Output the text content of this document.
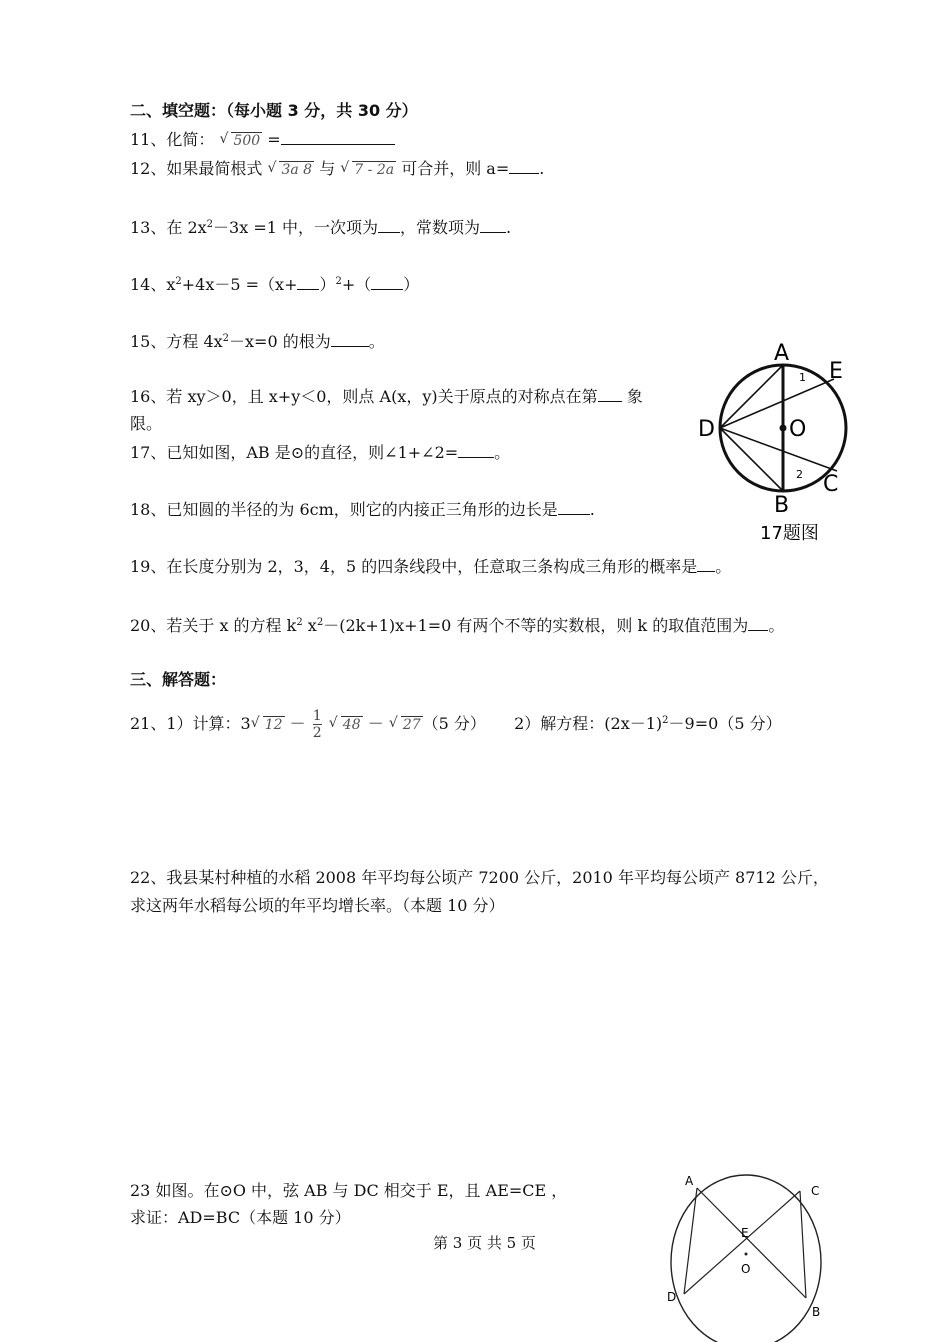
二、填空题：（每小题 3 分，共 30 分）
11、化简： √ 500 =
12、如果最简根式 √ 3a 8 与 √ 7 - 2a 可合并，则 a= .
13、在 $2x^2-3x =1$ 中，一次项为 ，常数项为 .
14、$x^2+4x-5 =(x+ )^2+$（ ）
15、方程 $4x^2-x=0$ 的根为 。
16、若 xy＞0，且 x+y＜0，则点 A(x，y)关于原点的对称点在第 象
限。
17、已知如图，AB 是⊙的直径，则∠1+∠2= 。
18、已知圆的半径的为 6cm，则它的内接正三角形的边长是 .
19、在长度分别为 2，3，4，5 的四条线段中，任意取三条构成三角形的概率是 。
20、若关于 x 的方程 $k^2$ $x^2-(2k+1)x+1=0$ 有两个不等的实数根，则 k 的取值范围为 。
A
E
D	O
C
B
1
2
17题图
三、解答题：
21、1）计算：3 √ $12 - \frac{1}{2}$
√ 48 － √ 27 （5 分） 2）解方程：$(2x-1)^2-9=0(5$ 分）
22、我县某村种植的水稻 2008 年平均每公顷产 7200 公斤，2010 年平均每公顷产 8712 公斤，
求这两年水稻每公顷的年平均增长率。（本题 10 分）
23 如图。在⊙O 中，弦 AB 与 DC 相交于 E，且 AE=CE ，
求证：AD=BC（本题 10 分）
A
C
E
O
D
B
第 3 页 共 5 页
